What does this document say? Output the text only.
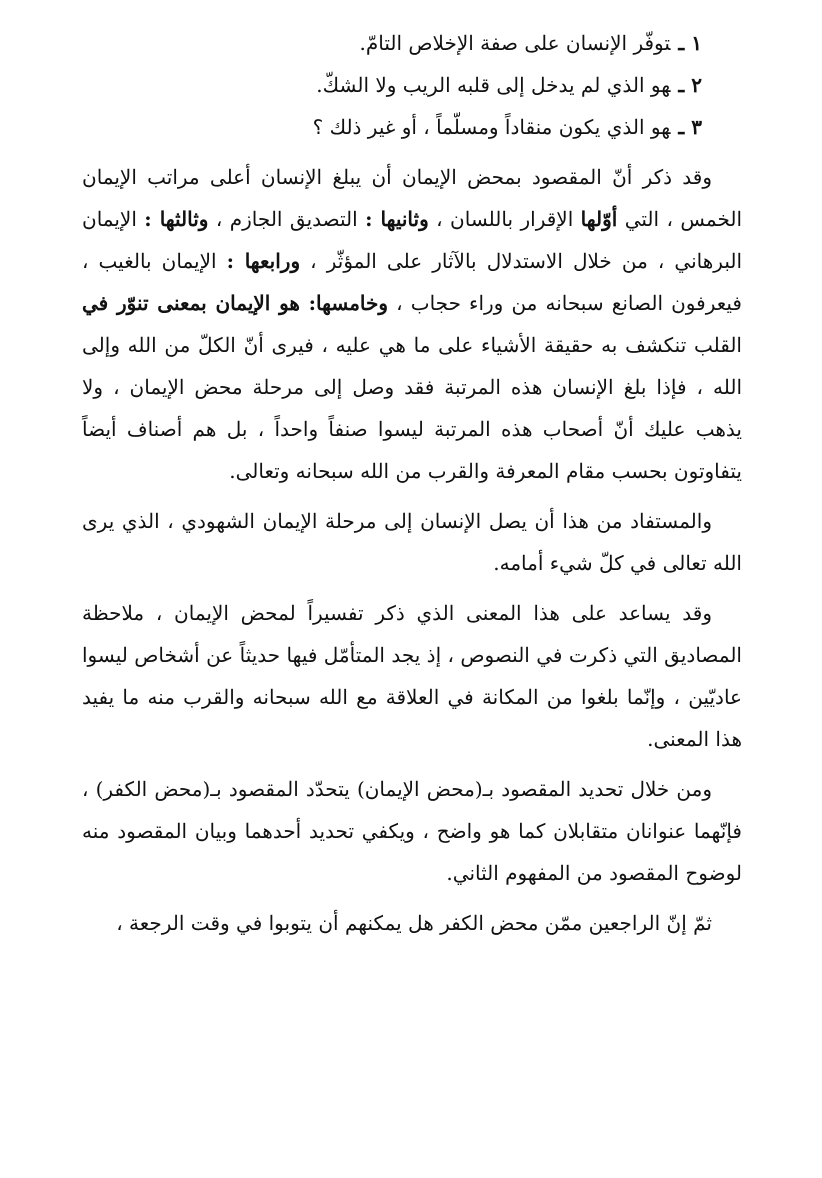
١ ـتوفّر الإنسان على صفة الإخلاص التامّ.
٢ ـهو الذي لم يدخل إلى قلبه الريب ولا الشكّ.
٣ ـهو الذي يكون منقاداً ومسلّماً ، أو غير ذلك ؟

وقد ذكر أنّ المقصود بمحض الإيمان أن يبلغ الإنسان أعلى مراتب الإيمان الخمس ، التي أوّلها الإقرار باللسان ، وثانيها : التصديق الجازم ، وثالثها : الإيمان البرهاني ، من خلال الاستدلال بالآثار على المؤثّر ، ورابعها : الإيمان بالغيب ، فيعرفون الصانع سبحانه من وراء حجاب ، وخامسها: هو الإيمان بمعنى تنوّر في القلب تنكشف به حقيقة الأشياء على ما هي عليه ، فيرى أنّ الكلّ من الله وإلى الله ، فإذا بلغ الإنسان هذه المرتبة فقد وصل إلى مرحلة محض الإيمان ، ولا يذهب عليك أنّ أصحاب هذه المرتبة ليسوا صنفاً واحداً ، بل هم أصناف أيضاً يتفاوتون بحسب مقام المعرفة والقرب من الله سبحانه وتعالى.

والمستفاد من هذا أن يصل الإنسان إلى مرحلة الإيمان الشهودي ، الذي يرى الله تعالى في كلّ شيء أمامه.

وقد يساعد على هذا المعنى الذي ذكر تفسيراً لمحض الإيمان ، ملاحظة المصاديق التي ذكرت في النصوص ، إذ يجد المتأمّل فيها حديثاً عن أشخاص ليسوا عاديّين ، وإنّما بلغوا من المكانة في العلاقة مع الله سبحانه والقرب منه ما يفيد هذا المعنى.

ومن خلال تحديد المقصود بـ(محض الإيمان) يتحدّد المقصود بـ(محض الكفر) ، فإنّهما عنوانان متقابلان كما هو واضح ، ويكفي تحديد أحدهما وبيان المقصود منه لوضوح المقصود من المفهوم الثاني.

ثمّ إنّ الراجعين ممّن محض الكفر هل يمكنهم أن يتوبوا في وقت الرجعة ،
